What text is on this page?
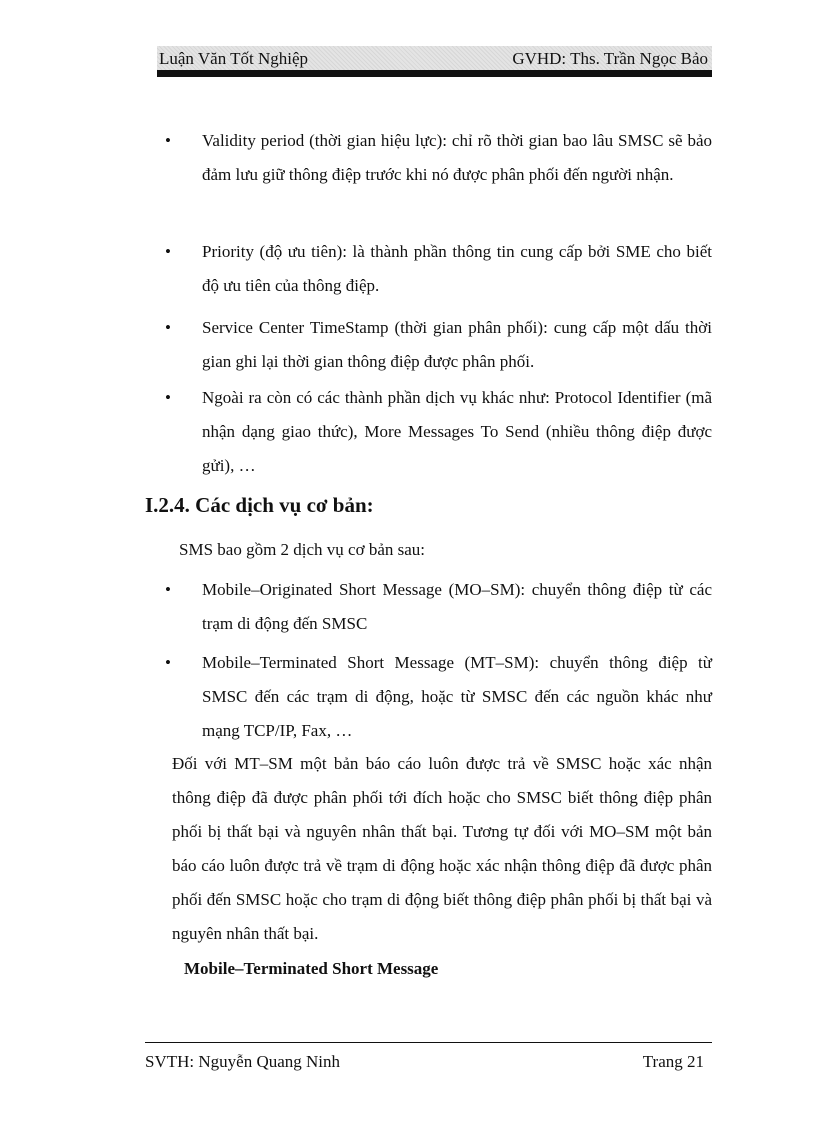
Luận Văn Tốt Nghiệp	GVHD: Ths. Trần Ngọc Bảo
•	Validity period (thời gian hiệu lực): chỉ rõ thời gian bao lâu SMSC sẽ bảo đảm lưu giữ thông điệp trước khi nó được phân phối đến người nhận.
•	Priority (độ ưu tiên): là thành phần thông tin cung cấp bởi SME cho biết độ ưu tiên của thông điệp.
•	Service Center TimeStamp (thời gian phân phối): cung cấp một dấu thời gian ghi lại thời gian thông điệp được phân phối.
•	Ngoài ra còn có các thành phần dịch vụ khác như: Protocol Identifier (mã nhận dạng giao thức), More Messages To Send (nhiều thông điệp được gửi), …
I.2.4. Các dịch vụ cơ bản:
SMS bao gồm 2 dịch vụ cơ bản sau:
•	Mobile–Originated Short Message (MO–SM): chuyển thông điệp từ các trạm di động đến SMSC
•	Mobile–Terminated Short Message (MT–SM): chuyển thông điệp từ SMSC đến các trạm di động, hoặc từ SMSC đến các nguồn khác như mạng TCP/IP, Fax, …
Đối với MT–SM một bản báo cáo luôn được trả về SMSC hoặc xác nhận thông điệp đã được phân phối tới đích hoặc cho SMSC biết thông điệp phân phối bị thất bại và nguyên nhân thất bại. Tương tự đối với MO–SM một bản báo cáo luôn được trả về trạm di động hoặc xác nhận thông điệp đã được phân phối đến SMSC hoặc cho trạm di động biết thông điệp phân phối bị thất bại và nguyên nhân thất bại.
Mobile–Terminated Short Message
SVTH: Nguyễn Quang Ninh	Trang 21
